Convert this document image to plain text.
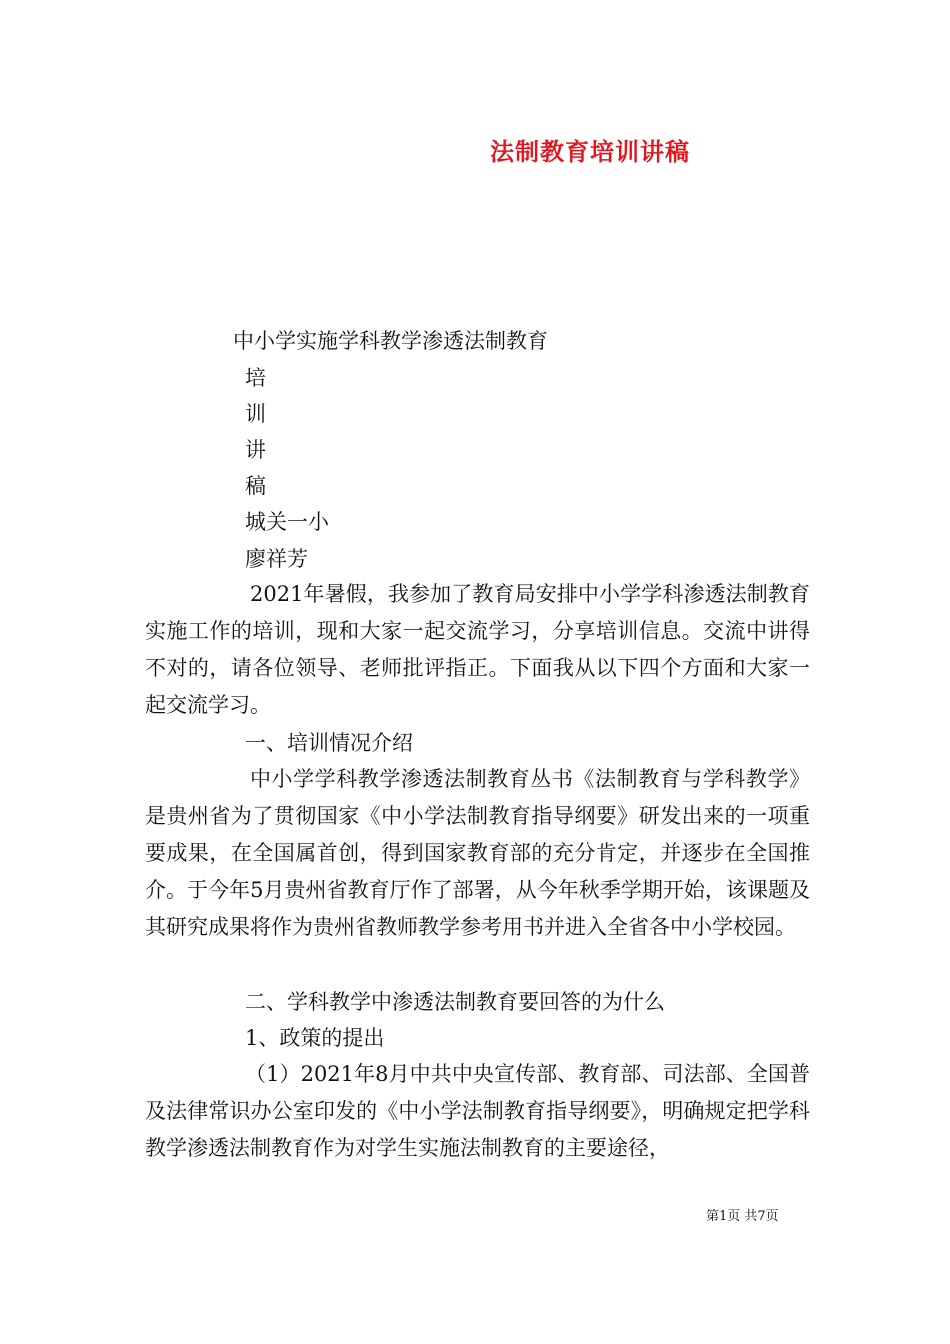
法制教育培训讲稿
中小学实施学科教学渗透法制教育
培
训
讲
稿
城关一小
廖祥芳
2021年暑假，我参加了教育局安排中小学学科渗透法制教育实施工作的培训，现和大家一起交流学习，分享培训信息。交流中讲得不对的，请各位领导、老师批评指正。下面我从以下四个方面和大家一起交流学习。
一、培训情况介绍
中小学学科教学渗透法制教育丛书《法制教育与学科教学》是贵州省为了贯彻国家《中小学法制教育指导纲要》研发出来的一项重要成果，在全国属首创，得到国家教育部的充分肯定，并逐步在全国推介。于今年5月贵州省教育厅作了部署，从今年秋季学期开始，该课题及其研究成果将作为贵州省教师教学参考用书并进入全省各中小学校园。
二、学科教学中渗透法制教育要回答的为什么
1、政策的提出
（1）2021年8月中共中央宣传部、教育部、司法部、全国普及法律常识办公室印发的《中小学法制教育指导纲要》，明确规定把学科教学渗透法制教育作为对学生实施法制教育的主要途径，
第1页 共7页
